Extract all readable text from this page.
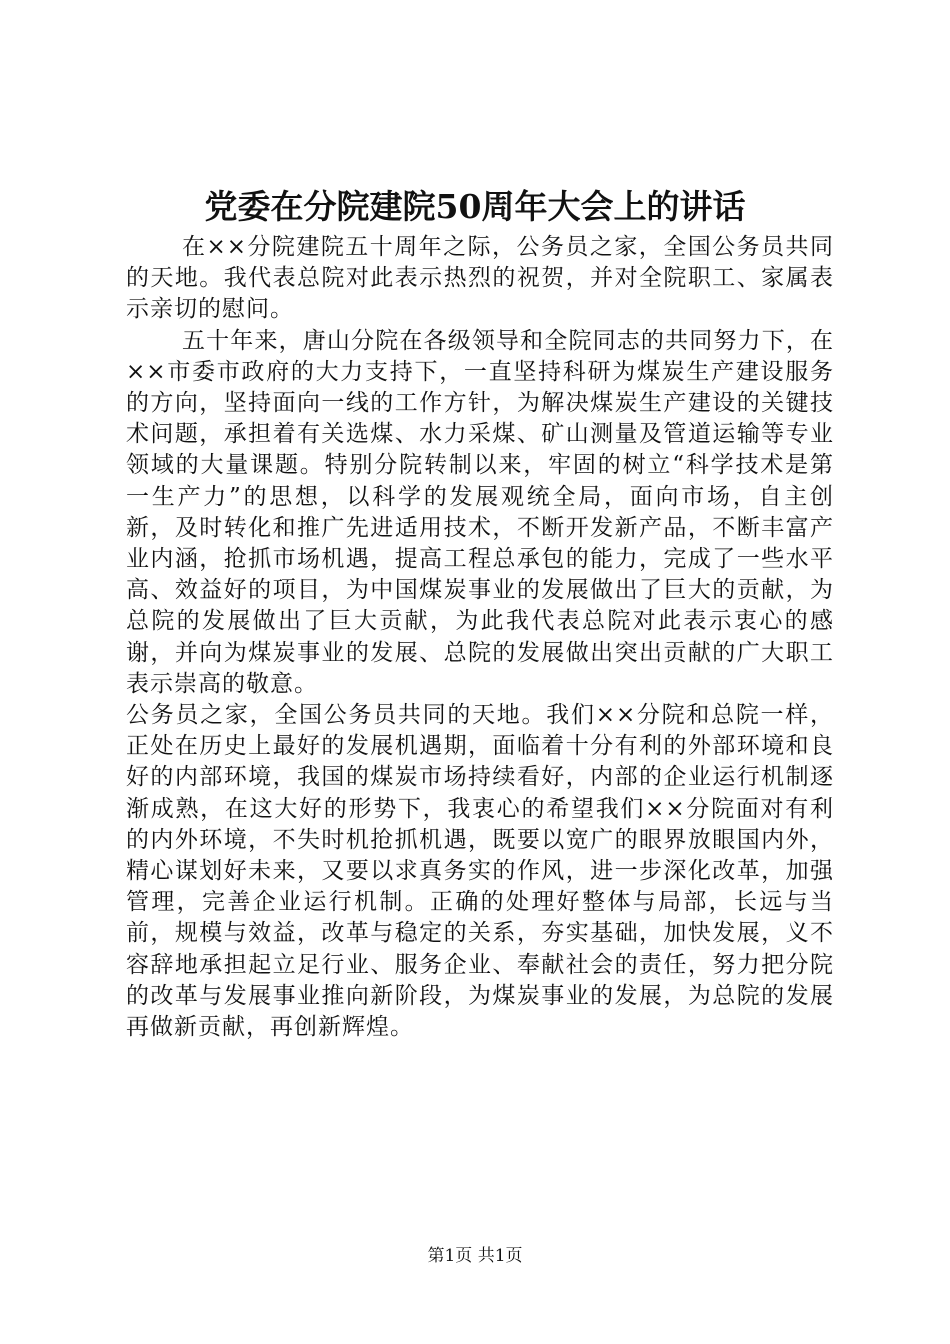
党委在分院建院50周年大会上的讲话

在××分院建院五十周年之际，公务员之家，全国公务员共同的天地。我代表总院对此表示热烈的祝贺，并对全院职工、家属表示亲切的慰问。

五十年来，唐山分院在各级领导和全院同志的共同努力下，在××市委市政府的大力支持下，一直坚持科研为煤炭生产建设服务的方向，坚持面向一线的工作方针，为解决煤炭生产建设的关键技术问题，承担着有关选煤、水力采煤、矿山测量及管道运输等专业领域的大量课题。特别分院转制以来，牢固的树立“科学技术是第一生产力”的思想，以科学的发展观统全局，面向市场，自主创新，及时转化和推广先进适用技术，不断开发新产品，不断丰富产业内涵，抢抓市场机遇，提高工程总承包的能力，完成了一些水平高、效益好的项目，为中国煤炭事业的发展做出了巨大的贡献，为总院的发展做出了巨大贡献，为此我代表总院对此表示衷心的感谢，并向为煤炭事业的发展、总院的发展做出突出贡献的广大职工表示崇高的敬意。

公务员之家，全国公务员共同的天地。我们××分院和总院一样，正处在历史上最好的发展机遇期，面临着十分有利的外部环境和良好的内部环境，我国的煤炭市场持续看好，内部的企业运行机制逐渐成熟，在这大好的形势下，我衷心的希望我们××分院面对有利的内外环境，不失时机抢抓机遇，既要以宽广的眼界放眼国内外，精心谋划好未来，又要以求真务实的作风，进一步深化改革，加强管理，完善企业运行机制。正确的处理好整体与局部，长远与当前，规模与效益，改革与稳定的关系，夯实基础，加快发展，义不容辞地承担起立足行业、服务企业、奉献社会的责任，努力把分院的改革与发展事业推向新阶段，为煤炭事业的发展，为总院的发展再做新贡献，再创新辉煌。

第1页 共1页
